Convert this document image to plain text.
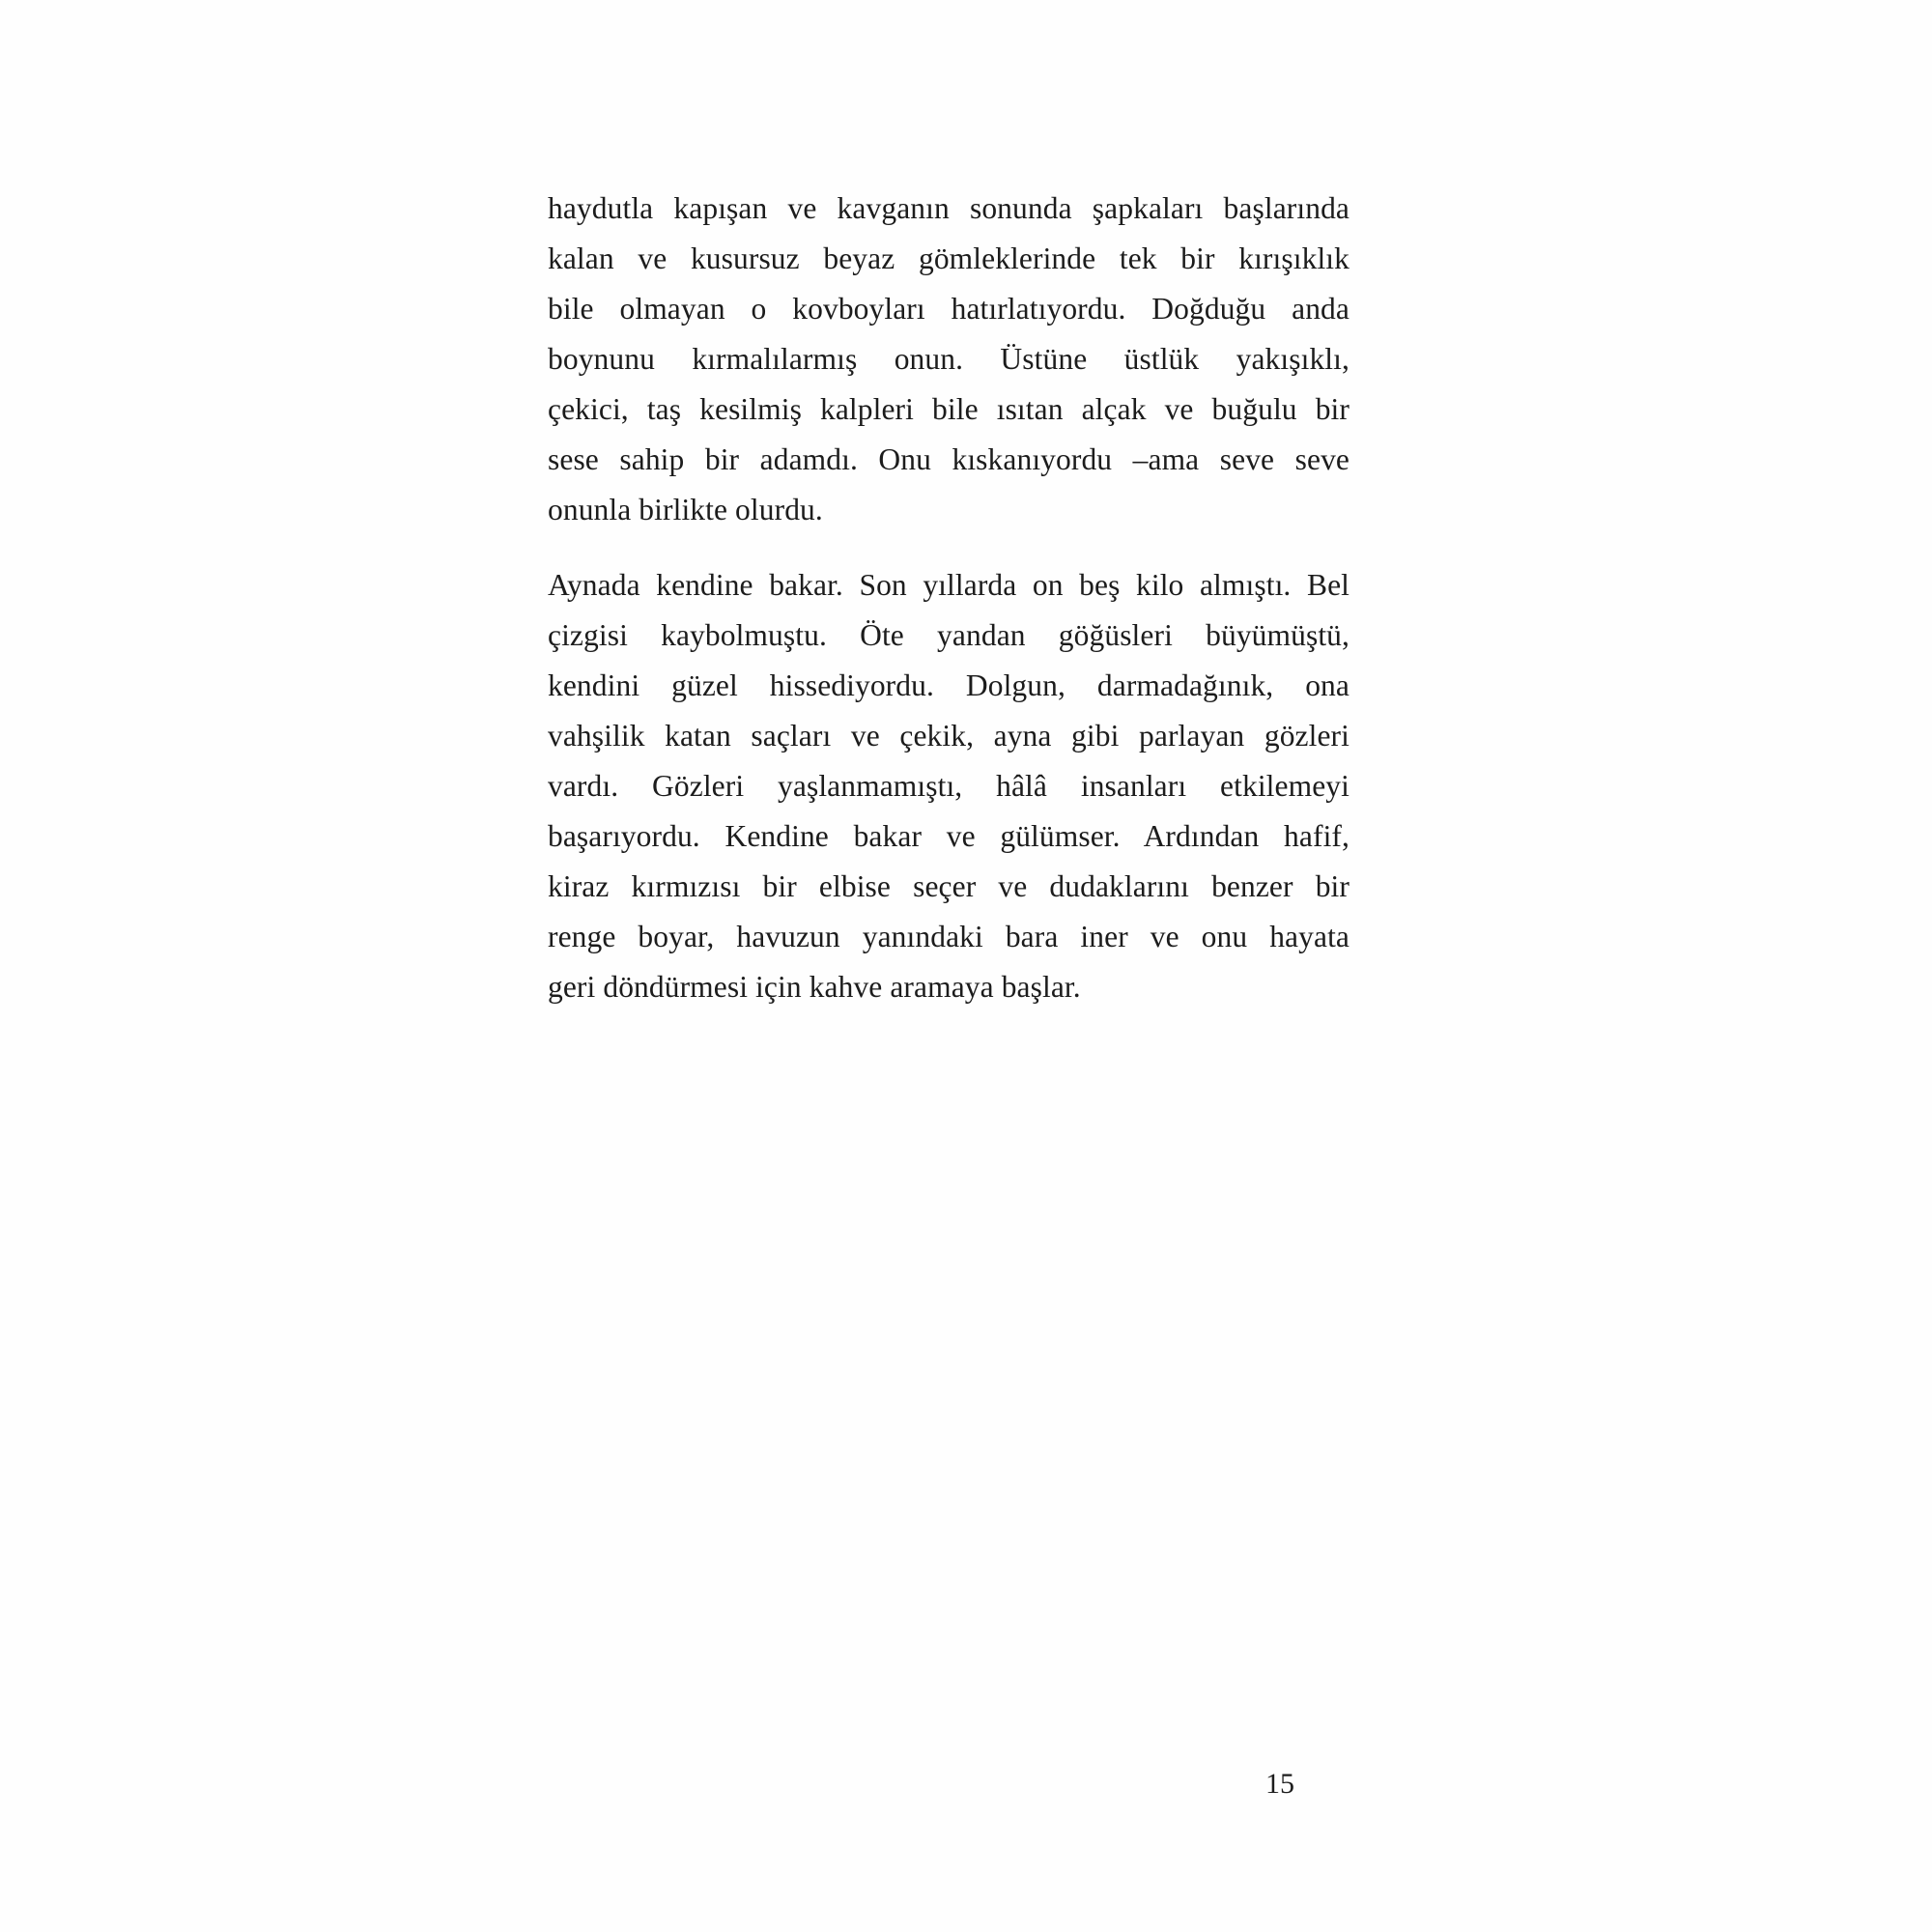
haydutla kapışan ve kavganın sonunda şapkaları başlarında
kalan ve kusursuz beyaz gömleklerinde tek bir kırışıklık
bile olmayan o kovboyları hatırlatıyordu. Doğduğu anda
boynunu kırmalılarmış onun. Üstüne üstlük yakışıklı,
çekici, taş kesilmiş kalpleri bile ısıtan alçak ve buğulu bir
sese sahip bir adamdı. Onu kıskanıyordu –ama seve seve
onunla birlikte olurdu.

Aynada kendine bakar. Son yıllarda on beş kilo almıştı. Bel
çizgisi kaybolmuştu. Öte yandan göğüsleri büyümüştü,
kendini güzel hissediyordu. Dolgun, darmadağınık, ona
vahşilik katan saçları ve çekik, ayna gibi parlayan gözleri
vardı. Gözleri yaşlanmamıştı, hâlâ insanları etkilemeyi
başarıyordu. Kendine bakar ve gülümser. Ardından hafif,
kiraz kırmızısı bir elbise seçer ve dudaklarını benzer bir
renge boyar, havuzun yanındaki bara iner ve onu hayata
geri döndürmesi için kahve aramaya başlar.

15
